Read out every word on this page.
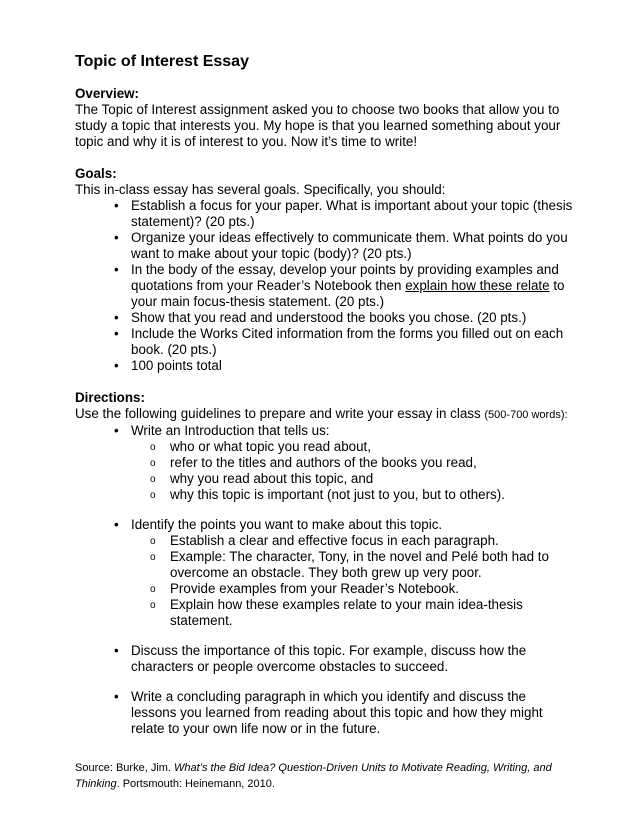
Topic of Interest Essay

Overview:

The Topic of Interest assignment asked you to choose two books that allow you to study a topic that interests you. My hope is that you learned something about your topic and why it is of interest to you. Now it’s time to write!

Goals:

This in-class essay has several goals. Specifically, you should:

• Establish a focus for your paper. What is important about your topic (thesis statement)? (20 pts.)
• Organize your ideas effectively to communicate them. What points do you want to make about your topic (body)? (20 pts.)
• In the body of the essay, develop your points by providing examples and quotations from your Reader’s Notebook then explain how these relate to your main focus-thesis statement. (20 pts.)
• Show that you read and understood the books you chose. (20 pts.)
• Include the Works Cited information from the forms you filled out on each book. (20 pts.)
• 100 points total

Directions:

Use the following guidelines to prepare and write your essay in class (500-700 words):

• Write an Introduction that tells us:
o who or what topic you read about,
o refer to the titles and authors of the books you read,
o why you read about this topic, and
o why this topic is important (not just to you, but to others).
• Identify the points you want to make about this topic.
o Establish a clear and effective focus in each paragraph.
o Example: The character, Tony, in the novel and Pelé both had to overcome an obstacle. They both grew up very poor.
o Provide examples from your Reader’s Notebook.
o Explain how these examples relate to your main idea-thesis statement.
• Discuss the importance of this topic. For example, discuss how the characters or people overcome obstacles to succeed.
• Write a concluding paragraph in which you identify and discuss the lessons you learned from reading about this topic and how they might relate to your own life now or in the future.
Source: Burke, Jim. What’s the Bid Idea? Question-Driven Units to Motivate Reading, Writing, and Thinking. Portsmouth: Heinemann, 2010.
